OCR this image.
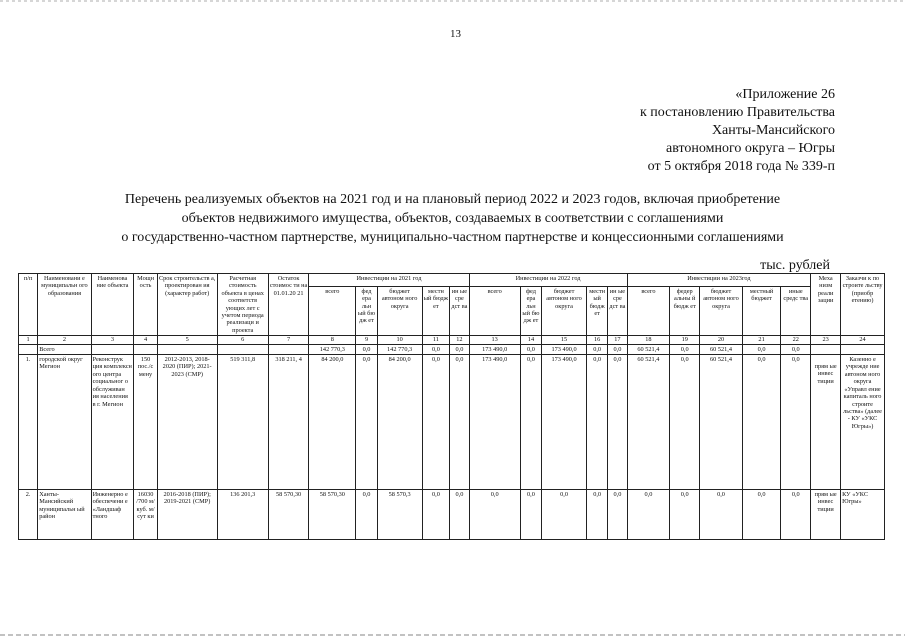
13
«Приложение 26
к постановлению Правительства
Ханты-Мансийского
автономного округа – Югры
от 5 октября 2018 года № 339-п
Перечень реализуемых объектов на 2021 год и на плановый период 2022 и 2023 годов, включая приобретение
объектов недвижимого имущества, объектов, создаваемых в соответствии с соглашениями
о государственно-частном партнерстве, муниципально-частном партнерстве и концессионными соглашениями
тыс. рублей
п/п	Наименовани е муниципальн ого образования	Наименова ние объекта	Мощн ость	Срок строительств а, проектирован ия (характер работ)	Расчетная стоимость объекта в ценах соответств ующих лет с учетом периода реализаци и проекта	Остаток стоимос ти на 01.01.20 21	Инвестиции на 2021 год					Инвестиции на 2022 год					Инвестиции на 2023год					Меха низм реали зации	Заказчи к по строите льству (приобр етению)
							всего	фед ера льн ый бю дж ет	бюджет автоном ного округа	местн ый бюдж ет	ин ые сре дст ва	всего	фед ера льн ый бю дж ет	бюджет автоном ного округа	местн ый бюдж ет	ин ые сре дст ва	всего	федер альны й бюдж ет	бюджет автоном ного округа	местный бюджет	иные средс тва		
1	2	3	4	5	6	7	8	9	10	11	12	13	14	15	16	17	18	19	20	21	22	23	24
	Всего						142 770,3	0,0	142 770,3	0,0	0,0	173 490,0	0,0	173 490,0	0,0	0,0	60 521,4	0,0	60 521,4	0,0	0,0		
1.	городской округ Мегион	Реконструк ция комплексн ого центра социальног о обслуживан ия населения в г. Мегион	150 пос./с мену	2012-2013, 2018-2020 (ПИР); 2021-2023 (СМР)	519 311,8	318 211, 4	84 200,0	0,0	84 200,0	0,0	0,0	173 490,0	0,0	173 490,0	0,0	0,0	60 521,4	0,0	60 521,4	0,0	0,0	прям ые инвес тиции	Казенно е учрежде ние автоном ного округа «Управл ение капиталь ного строите льства» (далее - КУ «УКС Югры»)
2.	Ханты-Мансийский муниципальн ый район	Инженерно е обеспечени е «Ландшаф тного	16030 /700 м/куб. м/сут ки	2016-2018 (ПИР); 2019-2021 (СМР)	136 201,3	58 570,30	58 570,30	0,0	58 570,3	0,0	0,0	0,0	0,0	0,0	0,0	0,0	0,0	0,0	0,0	0,0	0,0	прям ые инвес тиции	КУ «УКС Югры»
